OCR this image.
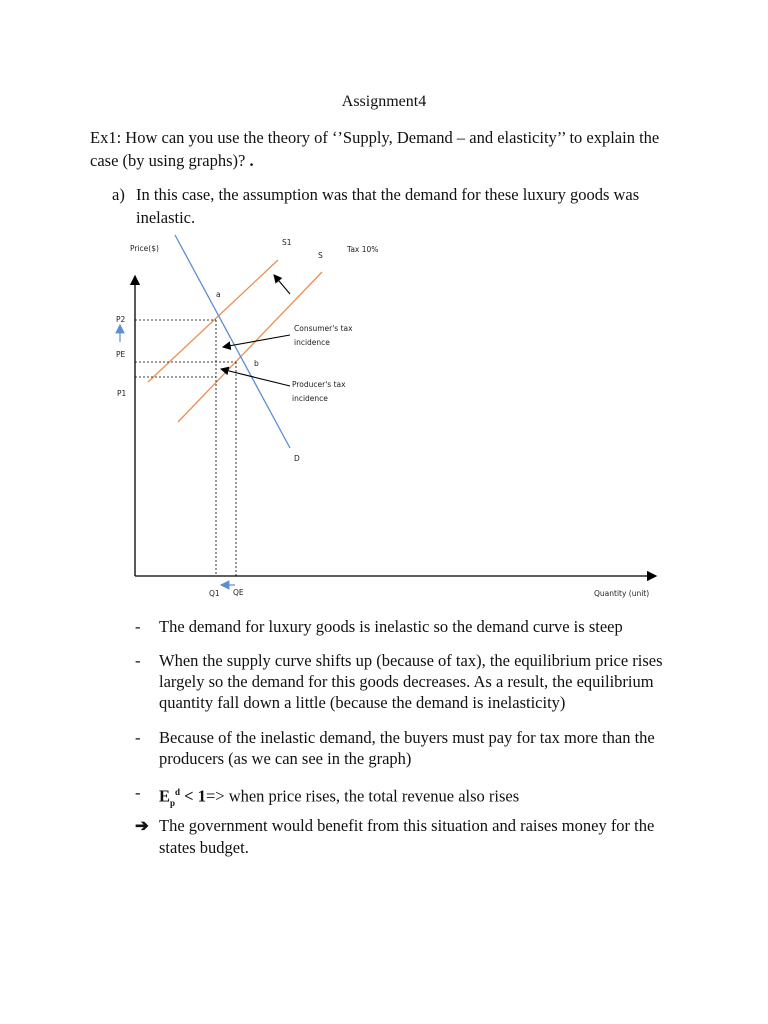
Assignment4
Ex1: How can you use the theory of ‘’Supply, Demand – and elasticity’’ to explain the case (by using graphs)? .
a) In this case, the assumption was that the demand for these luxury goods was inelastic.
Price($)
S1
S
Tax 10%
a
b
P2
PE
P1
Consumer's tax
incidence
Producer's tax
incidence
D
Q1 QE	Quantity (unit)
- The demand for luxury goods is inelastic so the demand curve is steep
- When the supply curve shifts up (because of tax), the equilibrium price rises largely so the demand for this goods decreases. As a result, the equilibrium quantity fall down a little (because the demand is inelasticity)
- Because of the inelastic demand, the buyers must pay for tax more than the producers (as we can see in the graph)
- $E_p^d < 1=>$ when price rises, the total revenue also rises
➔ The government would benefit from this situation and raises money for the states budget.
